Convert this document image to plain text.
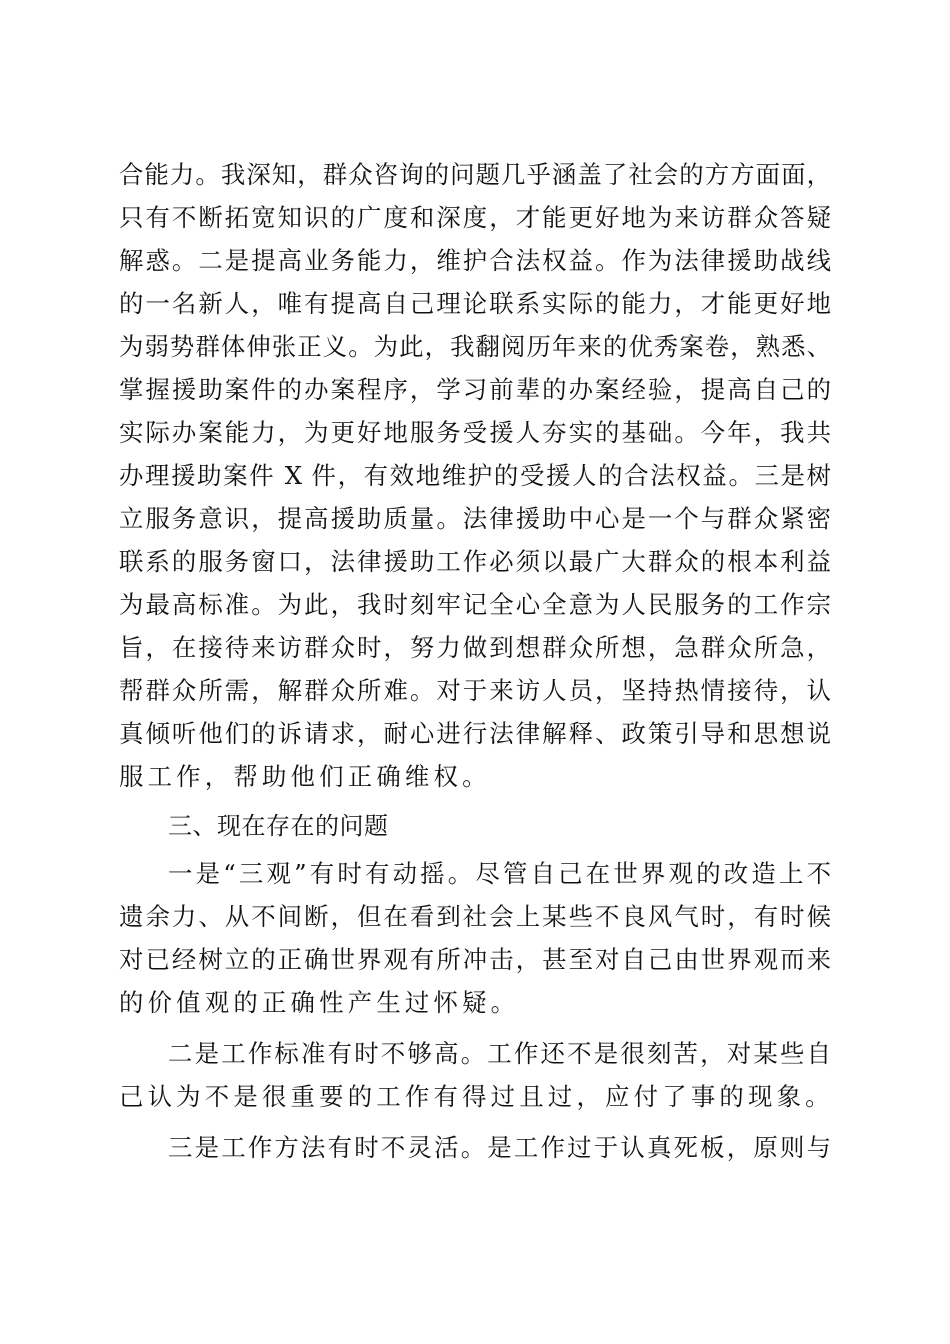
合能力。我深知，群众咨询的问题几乎涵盖了社会的方方面面，
只有不断拓宽知识的广度和深度，才能更好地为来访群众答疑
解惑。二是提高业务能力，维护合法权益。作为法律援助战线
的一名新人，唯有提高自己理论联系实际的能力，才能更好地
为弱势群体伸张正义。为此，我翻阅历年来的优秀案卷，熟悉、
掌握援助案件的办案程序，学习前辈的办案经验，提高自己的
实际办案能力，为更好地服务受援人夯实的基础。今年，我共
办理援助案件 X 件，有效地维护的受援人的合法权益。三是树
立服务意识，提高援助质量。法律援助中心是一个与群众紧密
联系的服务窗口，法律援助工作必须以最广大群众的根本利益
为最高标准。为此，我时刻牢记全心全意为人民服务的工作宗
旨，在接待来访群众时，努力做到想群众所想，急群众所急，
帮群众所需，解群众所难。对于来访人员，坚持热情接待，认
真倾听他们的诉请求，耐心进行法律解释、政策引导和思想说
服工作，帮助他们正确维权。
三、现在存在的问题
一是“三观”有时有动摇。尽管自己在世界观的改造上不
遗余力、从不间断，但在看到社会上某些不良风气时，有时候
对已经树立的正确世界观有所冲击，甚至对自己由世界观而来
的价值观的正确性产生过怀疑。
二是工作标准有时不够高。工作还不是很刻苦，对某些自
己认为不是很重要的工作有得过且过，应付了事的现象。
三是工作方法有时不灵活。是工作过于认真死板，原则与
